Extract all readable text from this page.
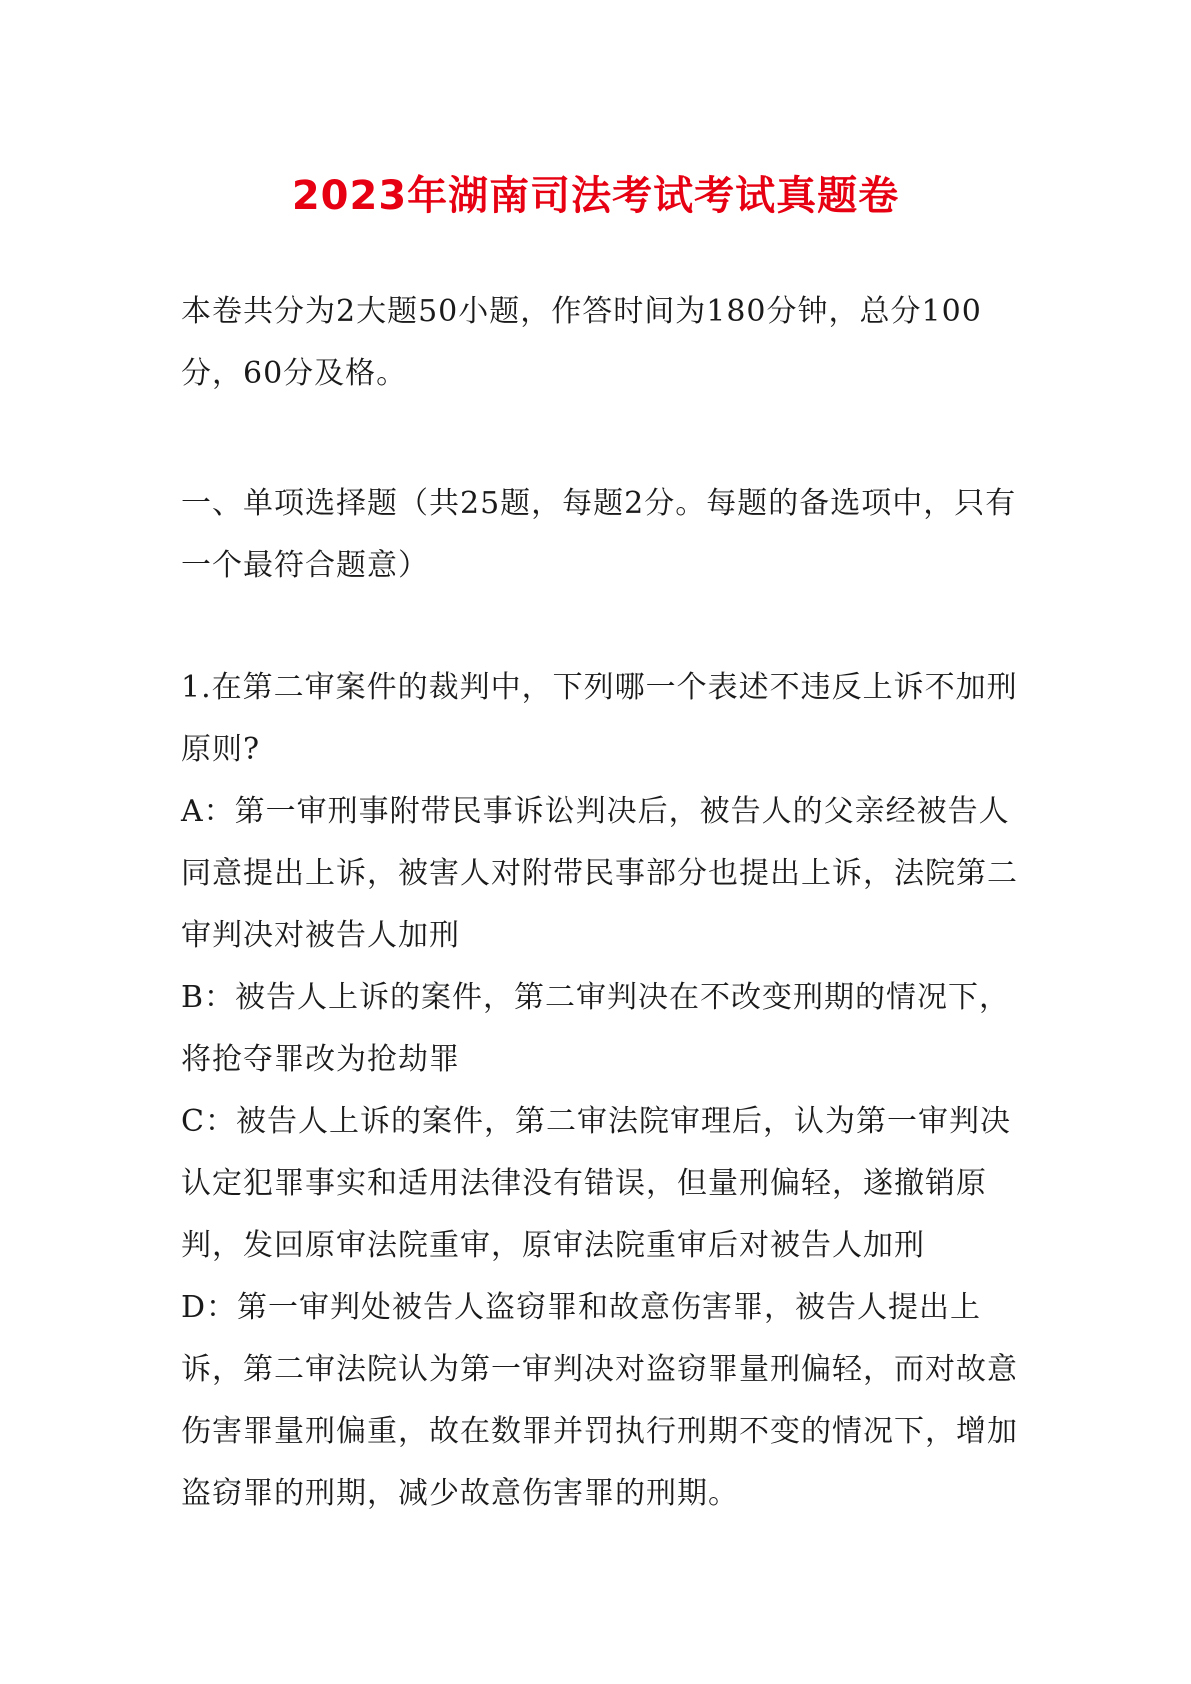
2023年湖南司法考试考试真题卷
本卷共分为2大题50小题，作答时间为180分钟，总分100分，60分及格。
一、单项选择题（共25题，每题2分。每题的备选项中，只有一个最符合题意）
1.在第二审案件的裁判中，下列哪一个表述不违反上诉不加刑原则?
A：第一审刑事附带民事诉讼判决后，被告人的父亲经被告人同意提出上诉，被害人对附带民事部分也提出上诉，法院第二审判决对被告人加刑
B：被告人上诉的案件，第二审判决在不改变刑期的情况下，将抢夺罪改为抢劫罪
C：被告人上诉的案件，第二审法院审理后，认为第一审判决认定犯罪事实和适用法律没有错误，但量刑偏轻，遂撤销原判，发回原审法院重审，原审法院重审后对被告人加刑
D：第一审判处被告人盗窃罪和故意伤害罪，被告人提出上诉，第二审法院认为第一审判决对盗窃罪量刑偏轻，而对故意伤害罪量刑偏重，故在数罪并罚执行刑期不变的情况下，增加盗窃罪的刑期，减少故意伤害罪的刑期。
